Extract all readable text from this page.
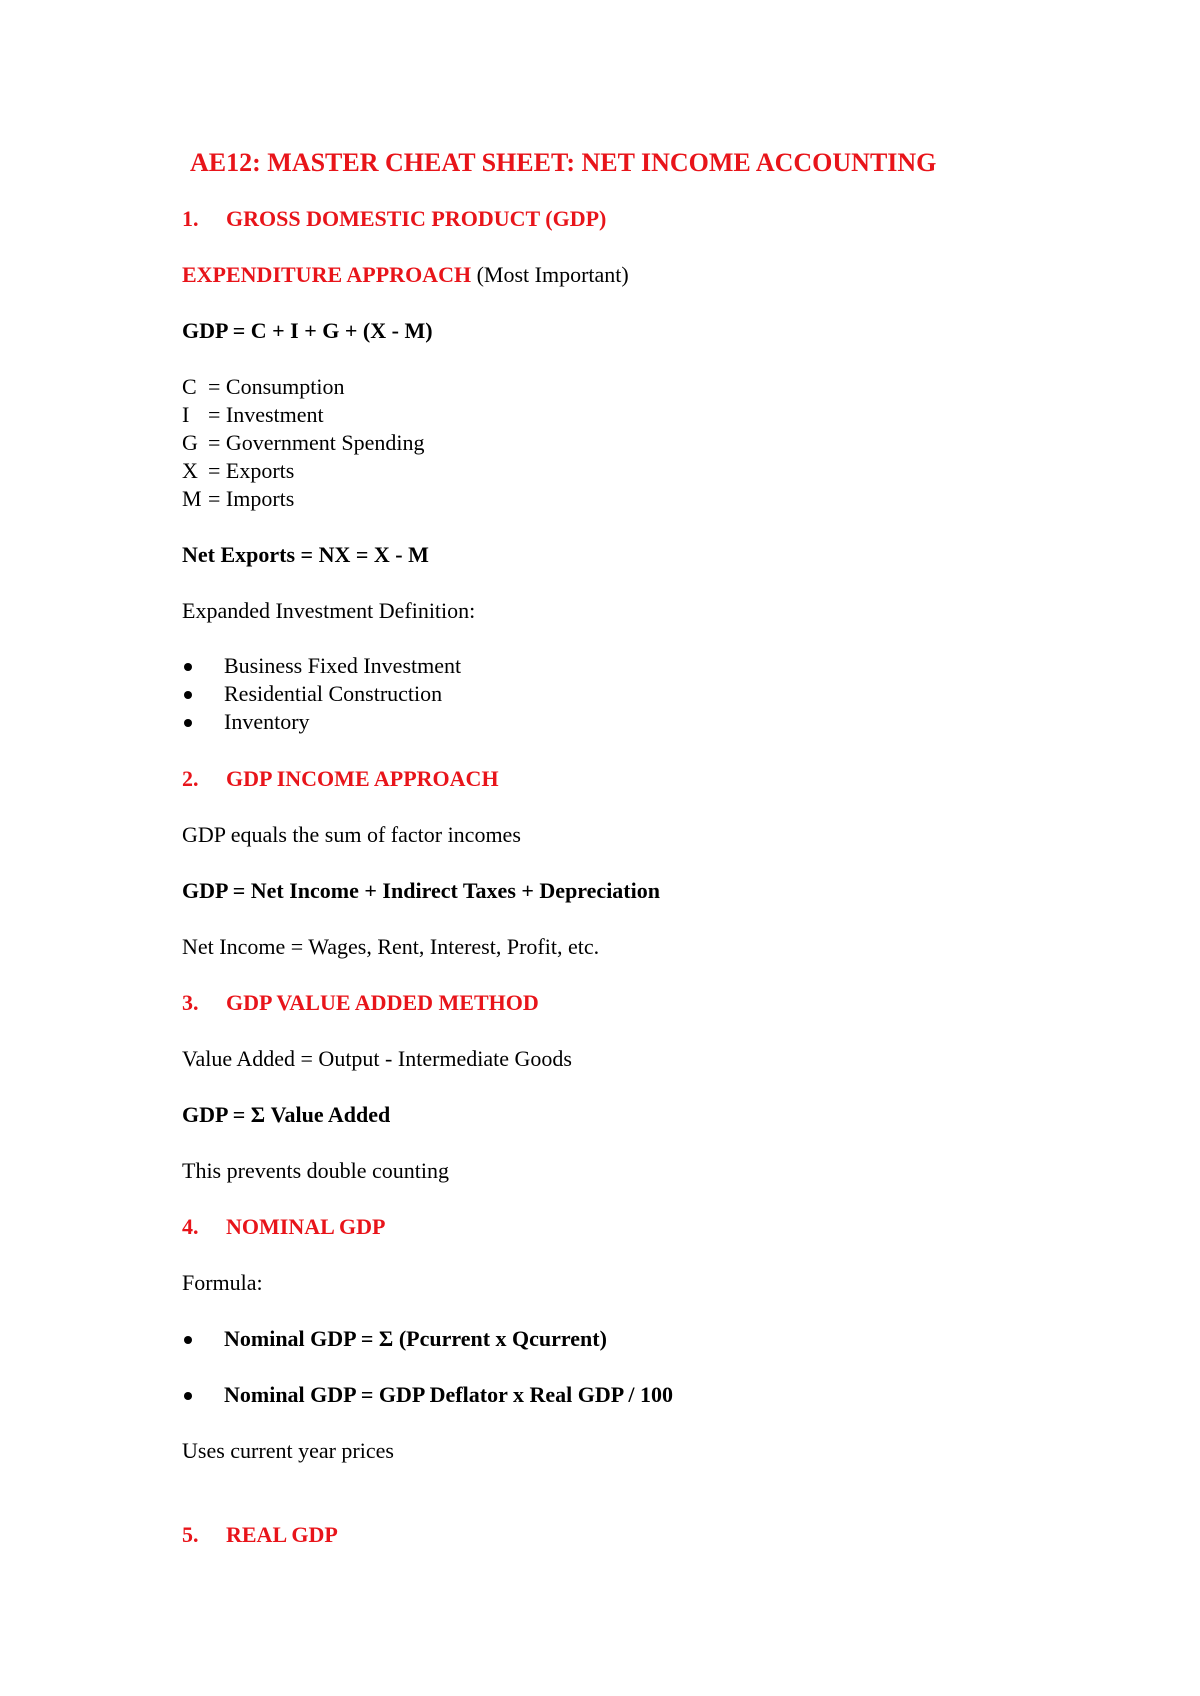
AE12: MASTER CHEAT SHEET: NET INCOME ACCOUNTING
1. GROSS DOMESTIC PRODUCT (GDP)
EXPENDITURE APPROACH (Most Important)
GDP = C + I + G + (X - M)
C = Consumption
I = Investment
G = Government Spending
X = Exports
M = Imports
Net Exports = NX = X - M
Expanded Investment Definition:
Business Fixed Investment
Residential Construction
Inventory
2. GDP INCOME APPROACH
GDP equals the sum of factor incomes
GDP = Net Income + Indirect Taxes + Depreciation
Net Income = Wages, Rent, Interest, Profit, etc.
3. GDP VALUE ADDED METHOD
Value Added = Output - Intermediate Goods
GDP = Σ Value Added
This prevents double counting
4. NOMINAL GDP
Formula:
Nominal GDP = Σ (Pcurrent x Qcurrent)
Nominal GDP = GDP Deflator x Real GDP / 100
Uses current year prices
5. REAL GDP
